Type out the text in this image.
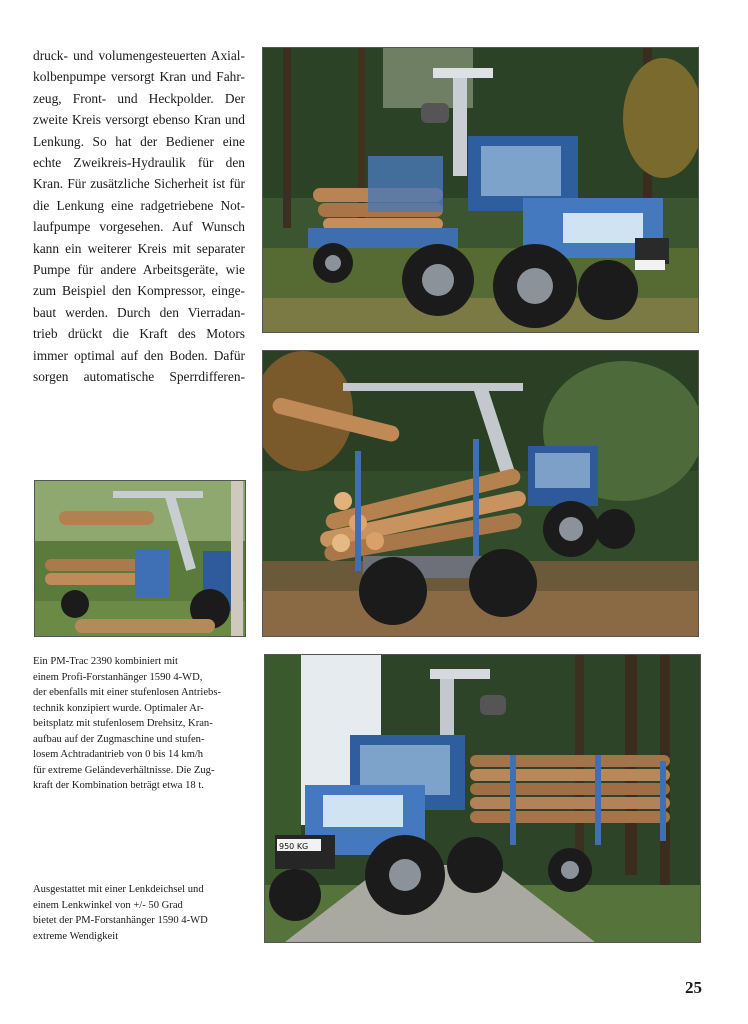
druck- und volumengesteuerten Axial-
kolbenpumpe versorgt Kran und Fahr-
zeug, Front- und Heckpolder. Der
zweite Kreis versorgt ebenso Kran und
Lenkung. So hat der Bediener eine
echte Zweikreis-Hydraulik für den
Kran. Für zusätzliche Sicherheit ist für
die Lenkung eine radgetriebene Not-
laufpumpe vorgesehen. Auf Wunsch
kann ein weiterer Kreis mit separater
Pumpe für andere Arbeitsgeräte, wie
zum Beispiel den Kompressor, einge-
baut werden. Durch den Vierradan-
trieb drückt die Kraft des Motors
immer optimal auf den Boden. Dafür
sorgen automatische Sperrdifferen-
Ein PM-Trac 2390 kombiniert mit
einem Profi-Forstanhänger 1590 4-WD,
der ebenfalls mit einer stufenlosen Antriebs-
technik konzipiert wurde. Optimaler Ar-
beitsplatz mit stufenlosem Drehsitz, Kran-
aufbau auf der Zugmaschine und stufen-
losem Achtradantrieb von 0 bis 14 km/h
für extreme Geländeverhältnisse. Die Zug-
kraft der Kombination beträgt etwa 18 t.
950 KG
Ausgestattet mit einer Lenkdeichsel und
einem Lenkwinkel von +/- 50 Grad
bietet der PM-Forstanhänger 1590 4-WD
extreme Wendigkeit
25
